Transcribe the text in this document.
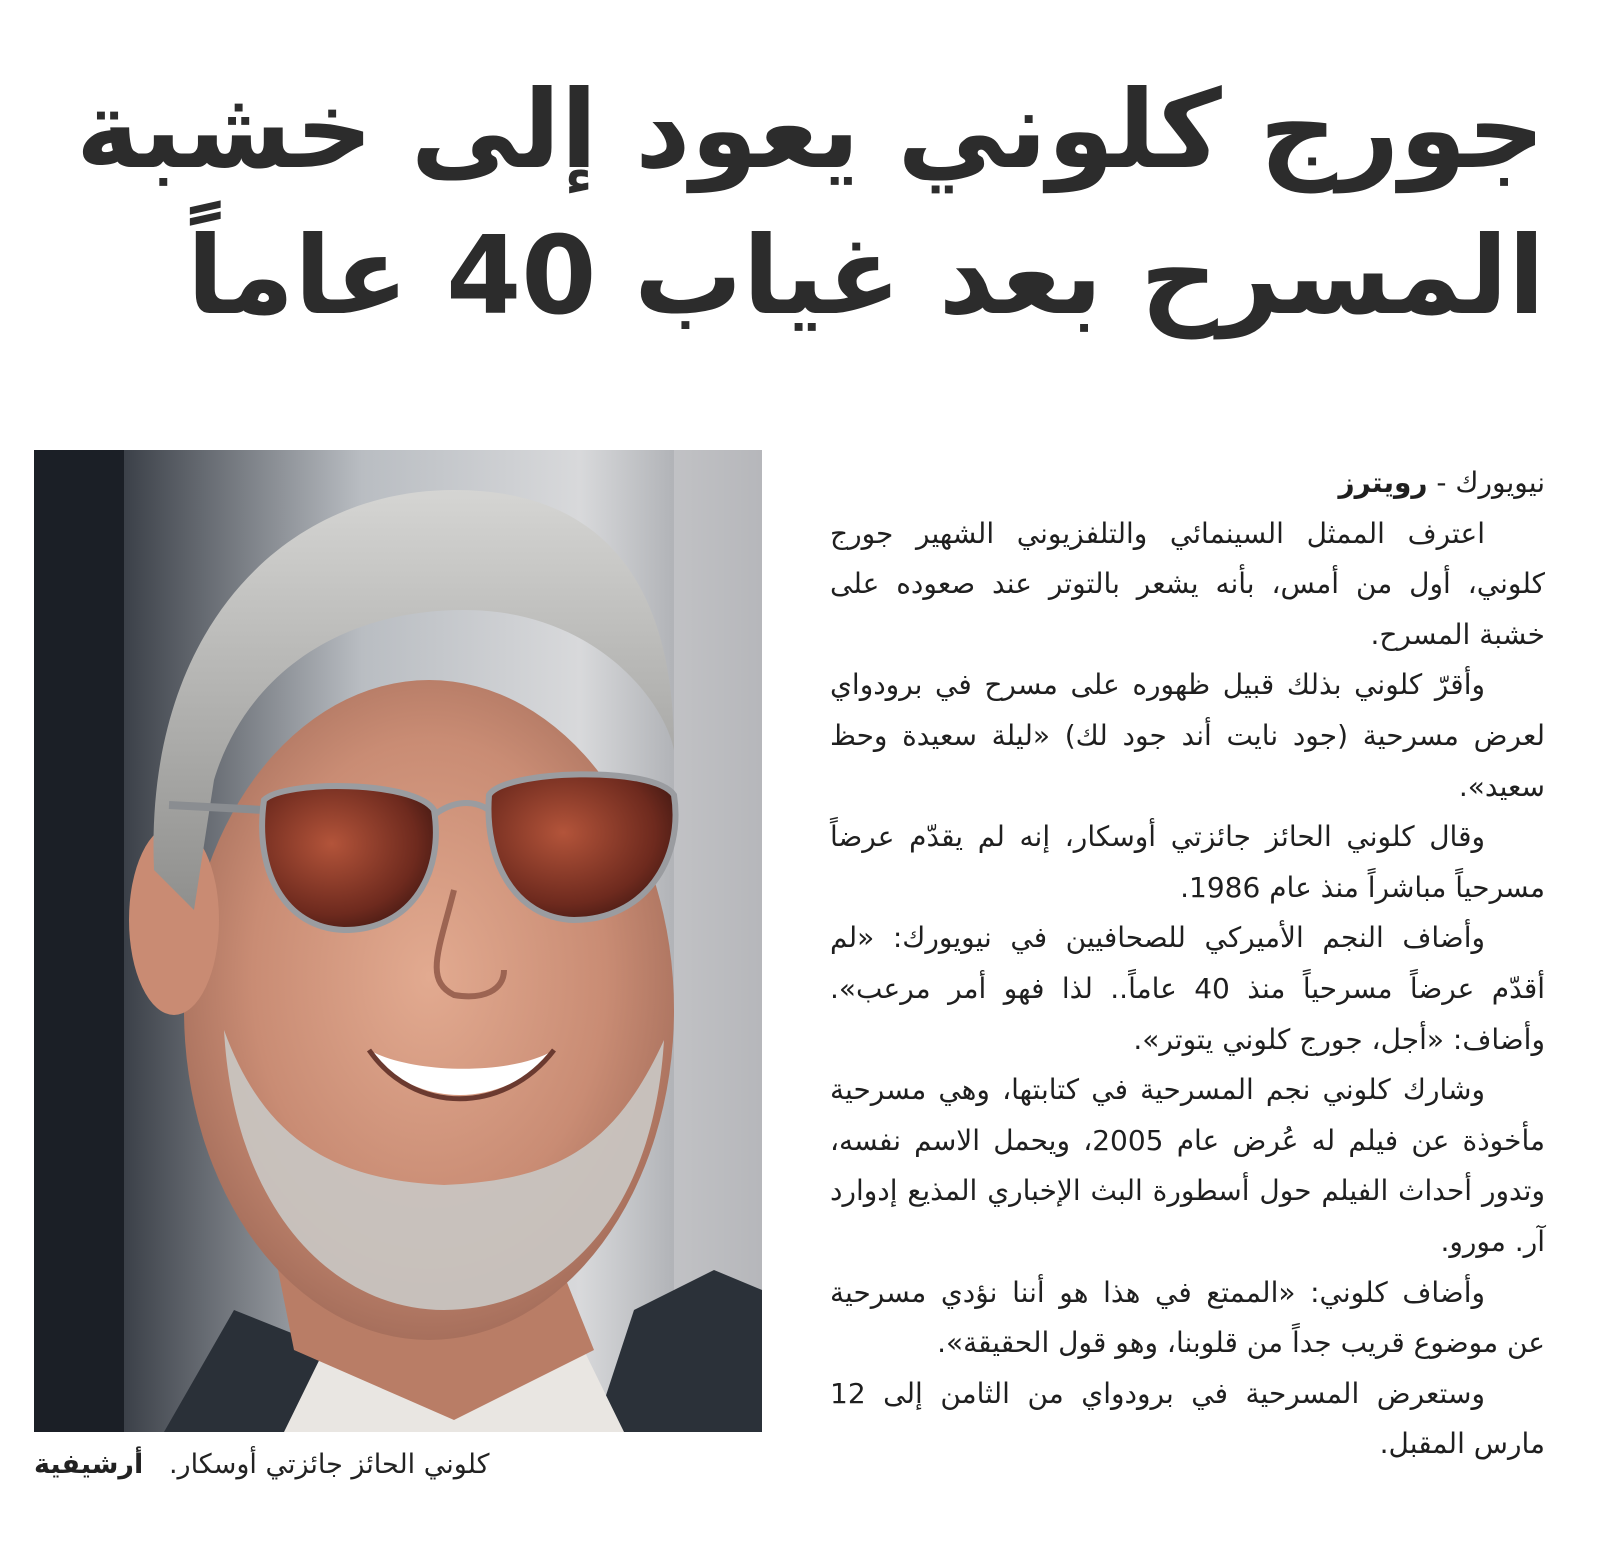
جورج كلوني يعود إلى خشبة
المسرح بعد غياب 40 عاماً
كلوني الحائز جائزتي أوسكار.   أرشيفية

نيويورك - رويترز

اعترف الممثل السينمائي والتلفزيوني الشهير جورج كلوني، أول من أمس، بأنه يشعر بالتوتر عند صعوده على خشبة المسرح.

وأقرّ كلوني بذلك قبيل ظهوره على مسرح في برودواي لعرض مسرحية (جود نايت أند جود لك) «ليلة سعيدة وحظ سعيد».

وقال كلوني الحائز جائزتي أوسكار، إنه لم يقدّم عرضاً مسرحياً مباشراً منذ عام 1986.

وأضاف النجم الأميركي للصحافيين في نيويورك: «لم أقدّم عرضاً مسرحياً منذ 40 عاماً.. لذا فهو أمر مرعب». وأضاف: «أجل، جورج كلوني يتوتر».

وشارك كلوني نجم المسرحية في كتابتها، وهي مسرحية مأخوذة عن فيلم له عُرض عام 2005، ويحمل الاسم نفسه، وتدور أحداث الفيلم حول أسطورة البث الإخباري المذيع إدوارد آر. مورو.

وأضاف كلوني: «الممتع في هذا هو أننا نؤدي مسرحية عن موضوع قريب جداً من قلوبنا، وهو قول الحقيقة».

وستعرض المسرحية في برودواي من الثامن إلى 12 مارس المقبل.
